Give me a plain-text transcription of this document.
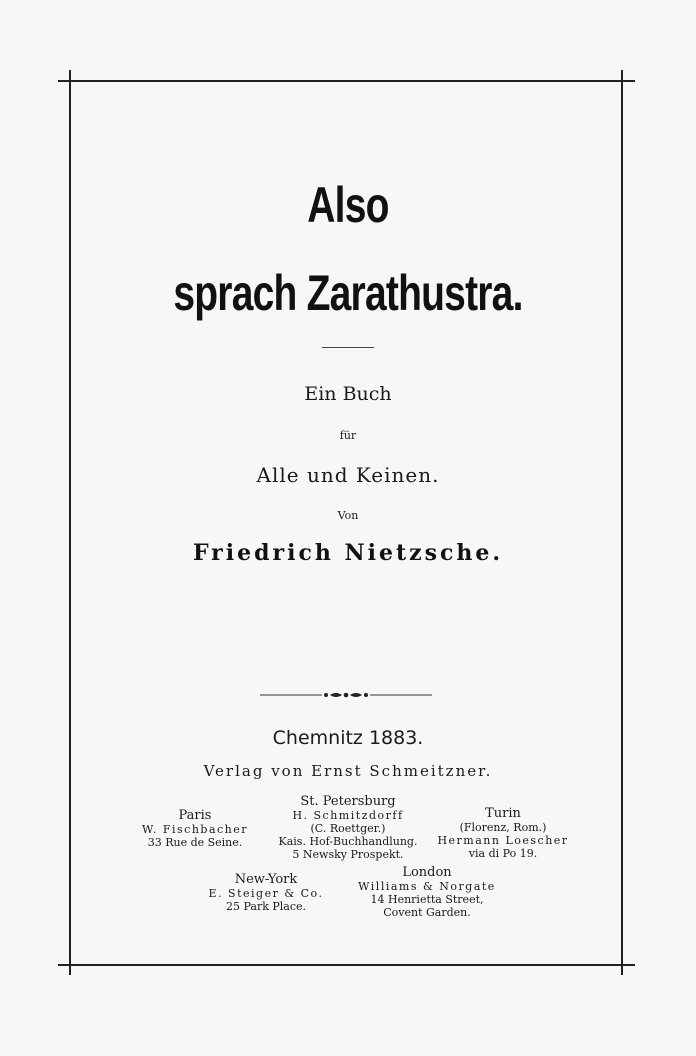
Also
sprach Zarathustra.
Ein Buch
für
Alle und Keinen.
Von
Friedrich Nietzsche.
Chemnitz 1883.
Verlag von Ernst Schmeitzner.
St. Petersburg
H. Schmitzdorff
(C. Roettger.)
Kais. Hof-Buchhandlung.
5 Newsky Prospekt.
Paris
W. Fischbacher
33 Rue de Seine.
Turin
(Florenz, Rom.)
Hermann Loescher
via di Po 19.
New-York
E. Steiger & Co.
25 Park Place.
London
Williams & Norgate
14 Henrietta Street,
Covent Garden.
